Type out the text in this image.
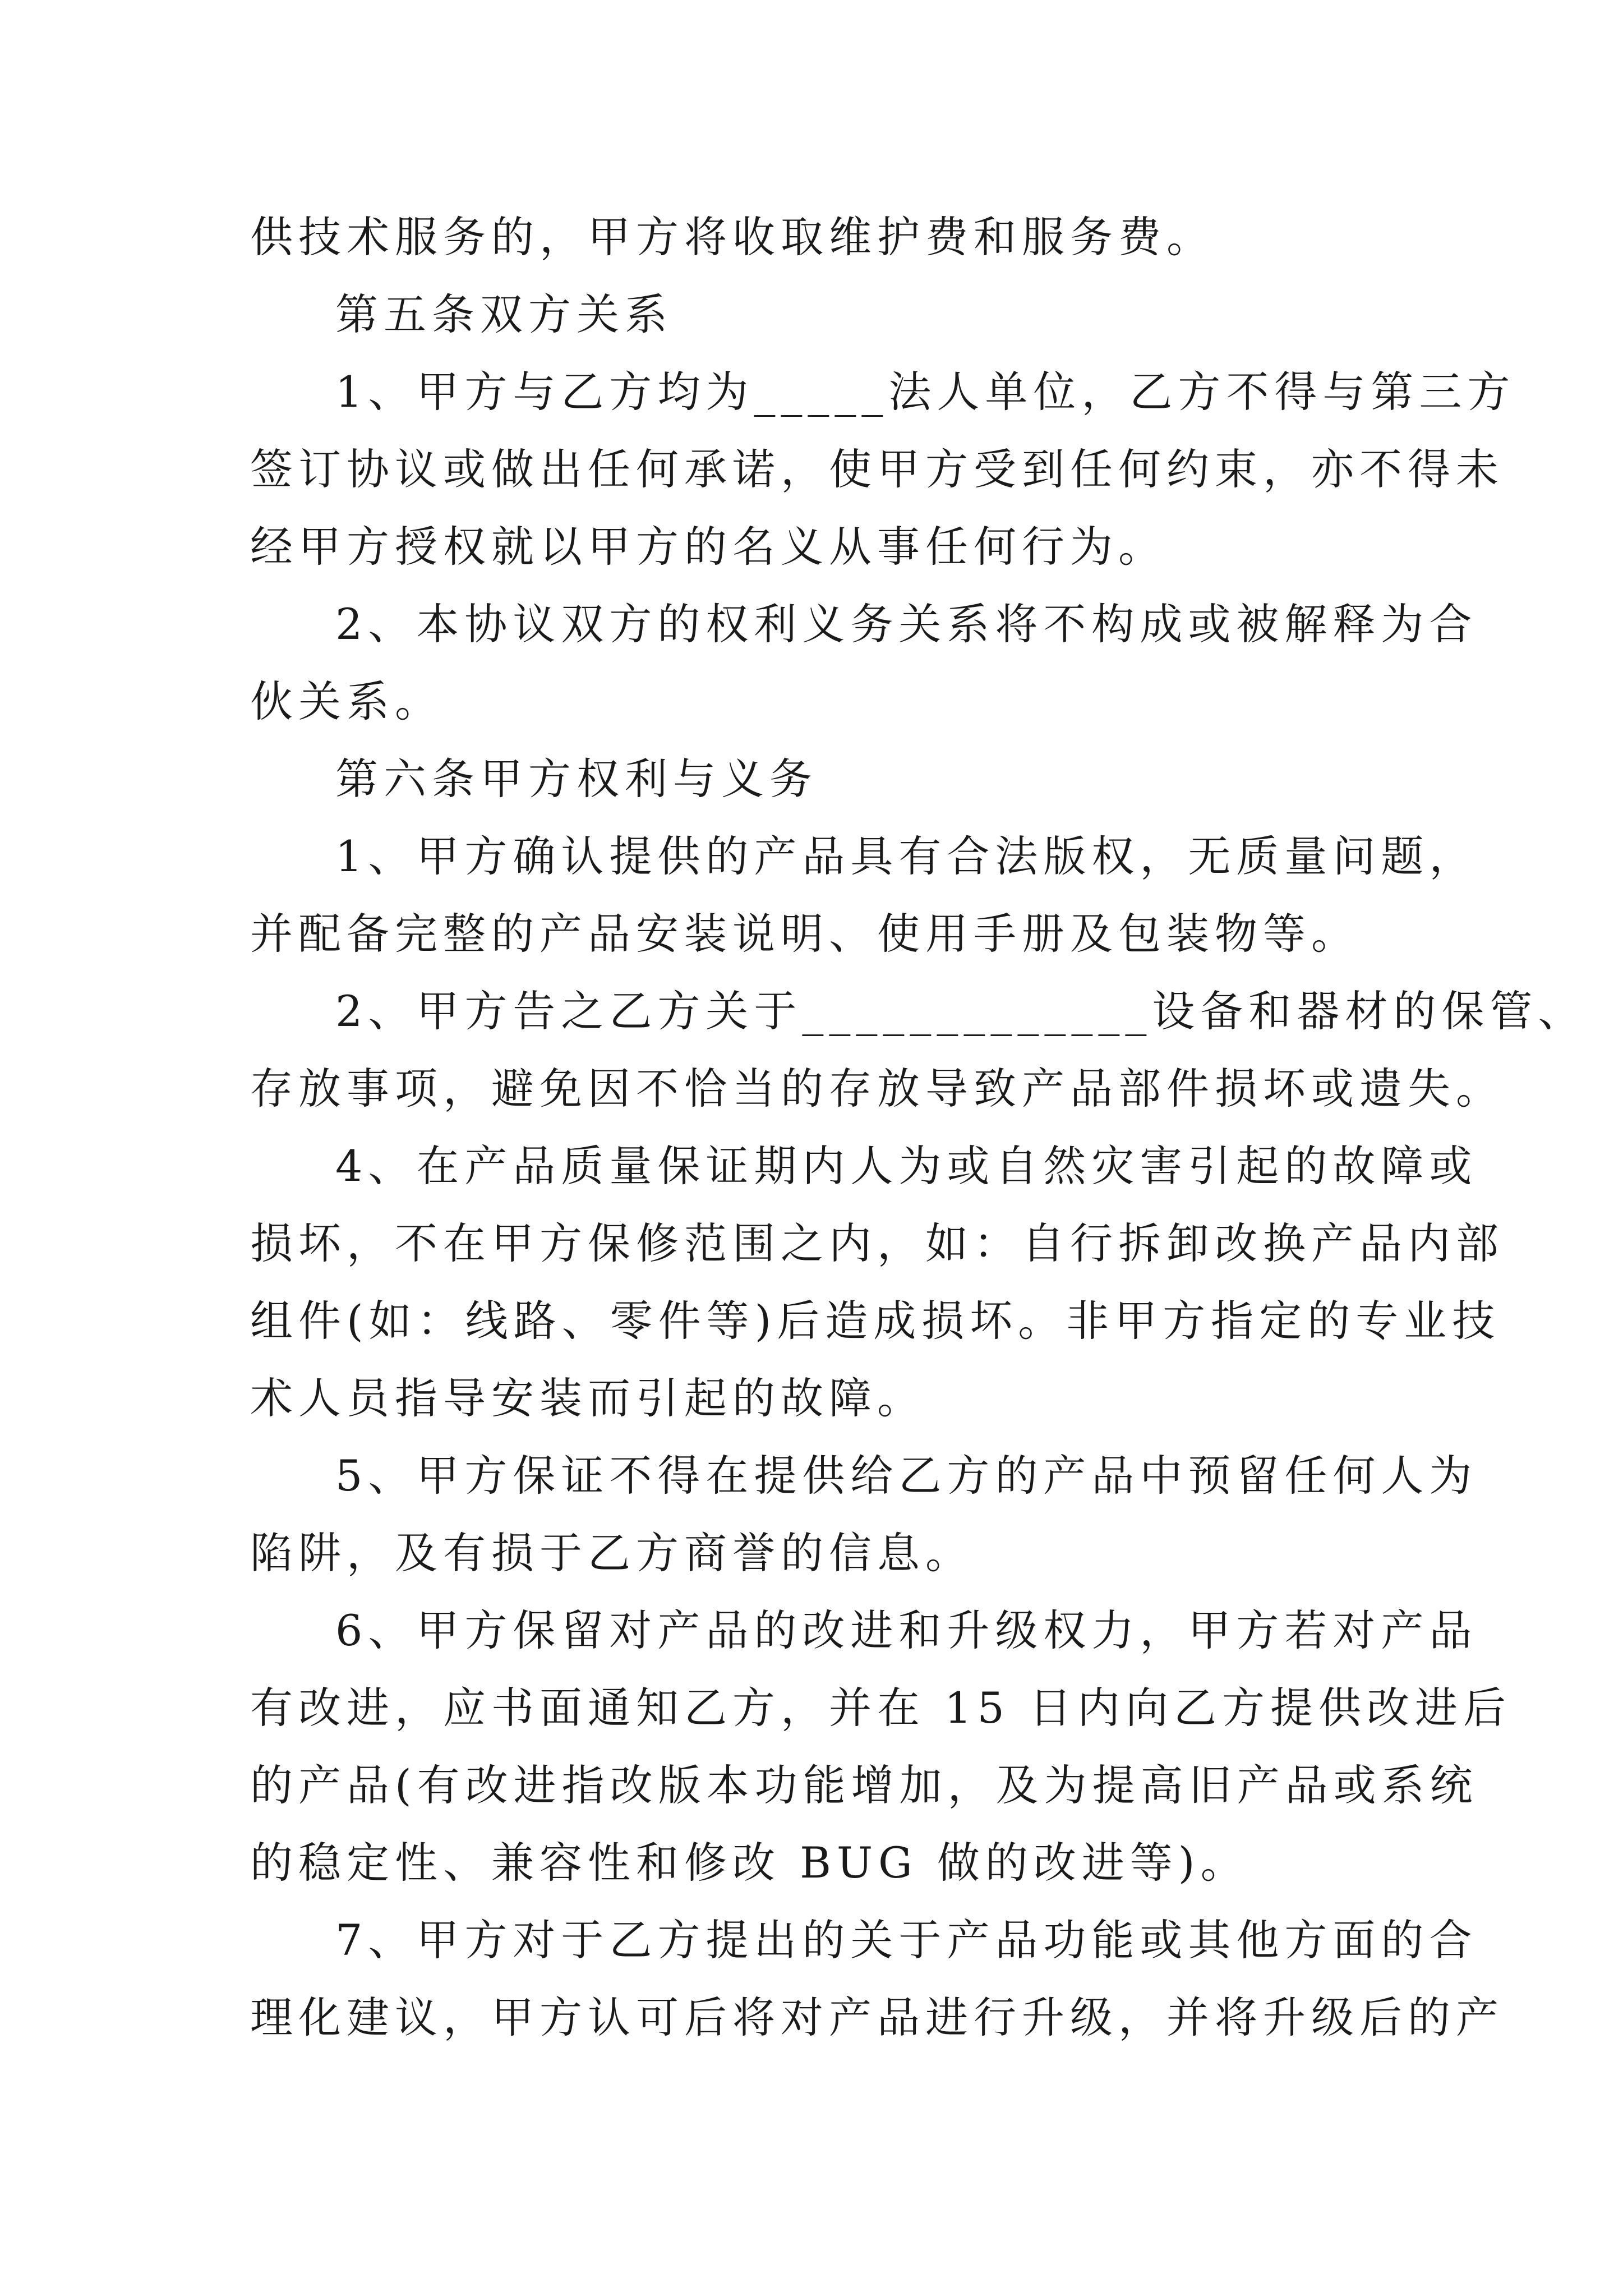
供技术服务的，甲方将收取维护费和服务费。
第五条双方关系
1、甲方与乙方均为_____法人单位，乙方不得与第三方
签订协议或做出任何承诺，使甲方受到任何约束，亦不得未
经甲方授权就以甲方的名义从事任何行为。
2、本协议双方的权利义务关系将不构成或被解释为合
伙关系。
第六条甲方权利与义务
1、甲方确认提供的产品具有合法版权，无质量问题，
并配备完整的产品安装说明、使用手册及包装物等。
2、甲方告之乙方关于_____________设备和器材的保管、
存放事项，避免因不恰当的存放导致产品部件损坏或遗失。
4、在产品质量保证期内人为或自然灾害引起的故障或
损坏，不在甲方保修范围之内，如：自行拆卸改换产品内部
组件(如：线路、零件等)后造成损坏。非甲方指定的专业技
术人员指导安装而引起的故障。
5、甲方保证不得在提供给乙方的产品中预留任何人为
陷阱，及有损于乙方商誉的信息。
6、甲方保留对产品的改进和升级权力，甲方若对产品
有改进，应书面通知乙方，并在 15 日内向乙方提供改进后
的产品(有改进指改版本功能增加，及为提高旧产品或系统
的稳定性、兼容性和修改 BUG 做的改进等)。
7、甲方对于乙方提出的关于产品功能或其他方面的合
理化建议，甲方认可后将对产品进行升级，并将升级后的产
